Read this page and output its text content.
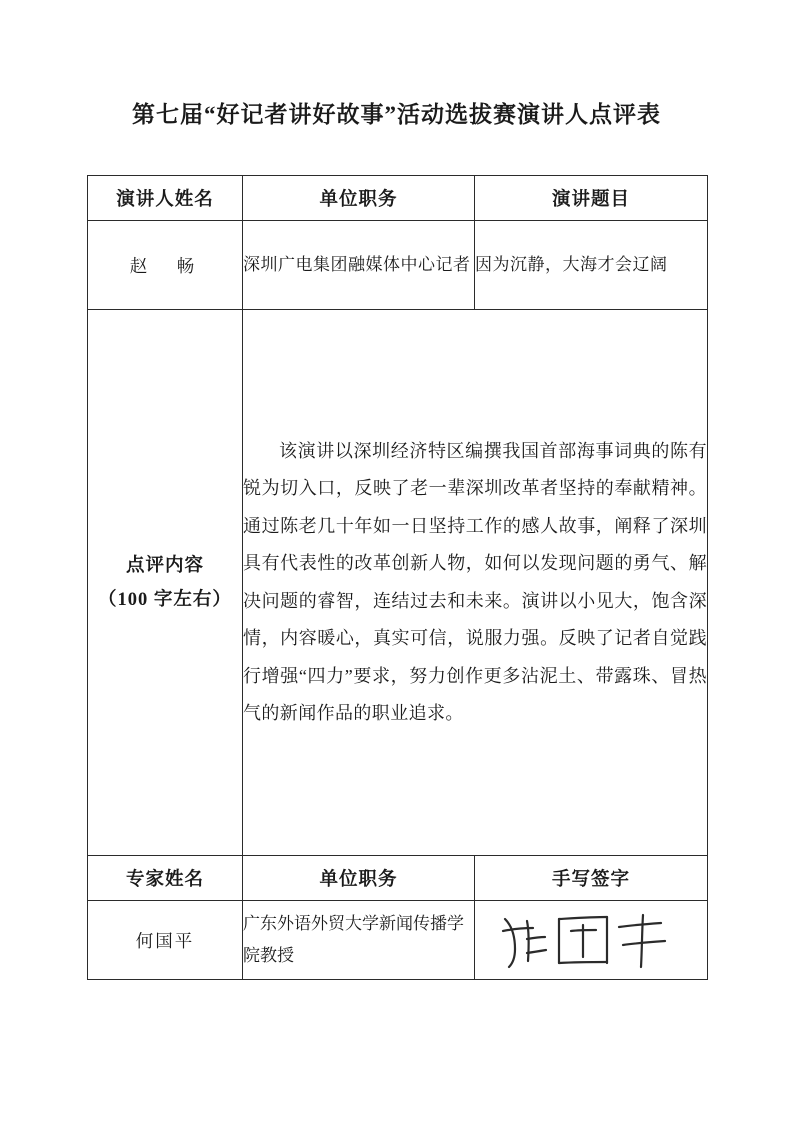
第七届“好记者讲好故事”活动选拔赛演讲人点评表
演讲人姓名	单位职务	演讲题目
赵　畅	深圳广电集团融媒体中心记者	因为沉静，大海才会辽阔

点评内容
（100 字左右）	该演讲以深圳经济特区编撰我国首部海事词典的陈有锐为切入口，反映了老一辈深圳改革者坚持的奉献精神。通过陈老几十年如一日坚持工作的感人故事，阐释了深圳具有代表性的改革创新人物，如何以发现问题的勇气、解决问题的睿智，连结过去和未来。演讲以小见大，饱含深情，内容暖心，真实可信，说服力强。反映了记者自觉践行增强“四力”要求，努力创作更多沾泥土、带露珠、冒热气的新闻作品的职业追求。	

专家姓名	单位职务	手写签字
何国平	广东外语外贸大学新闻传播学院教授	
